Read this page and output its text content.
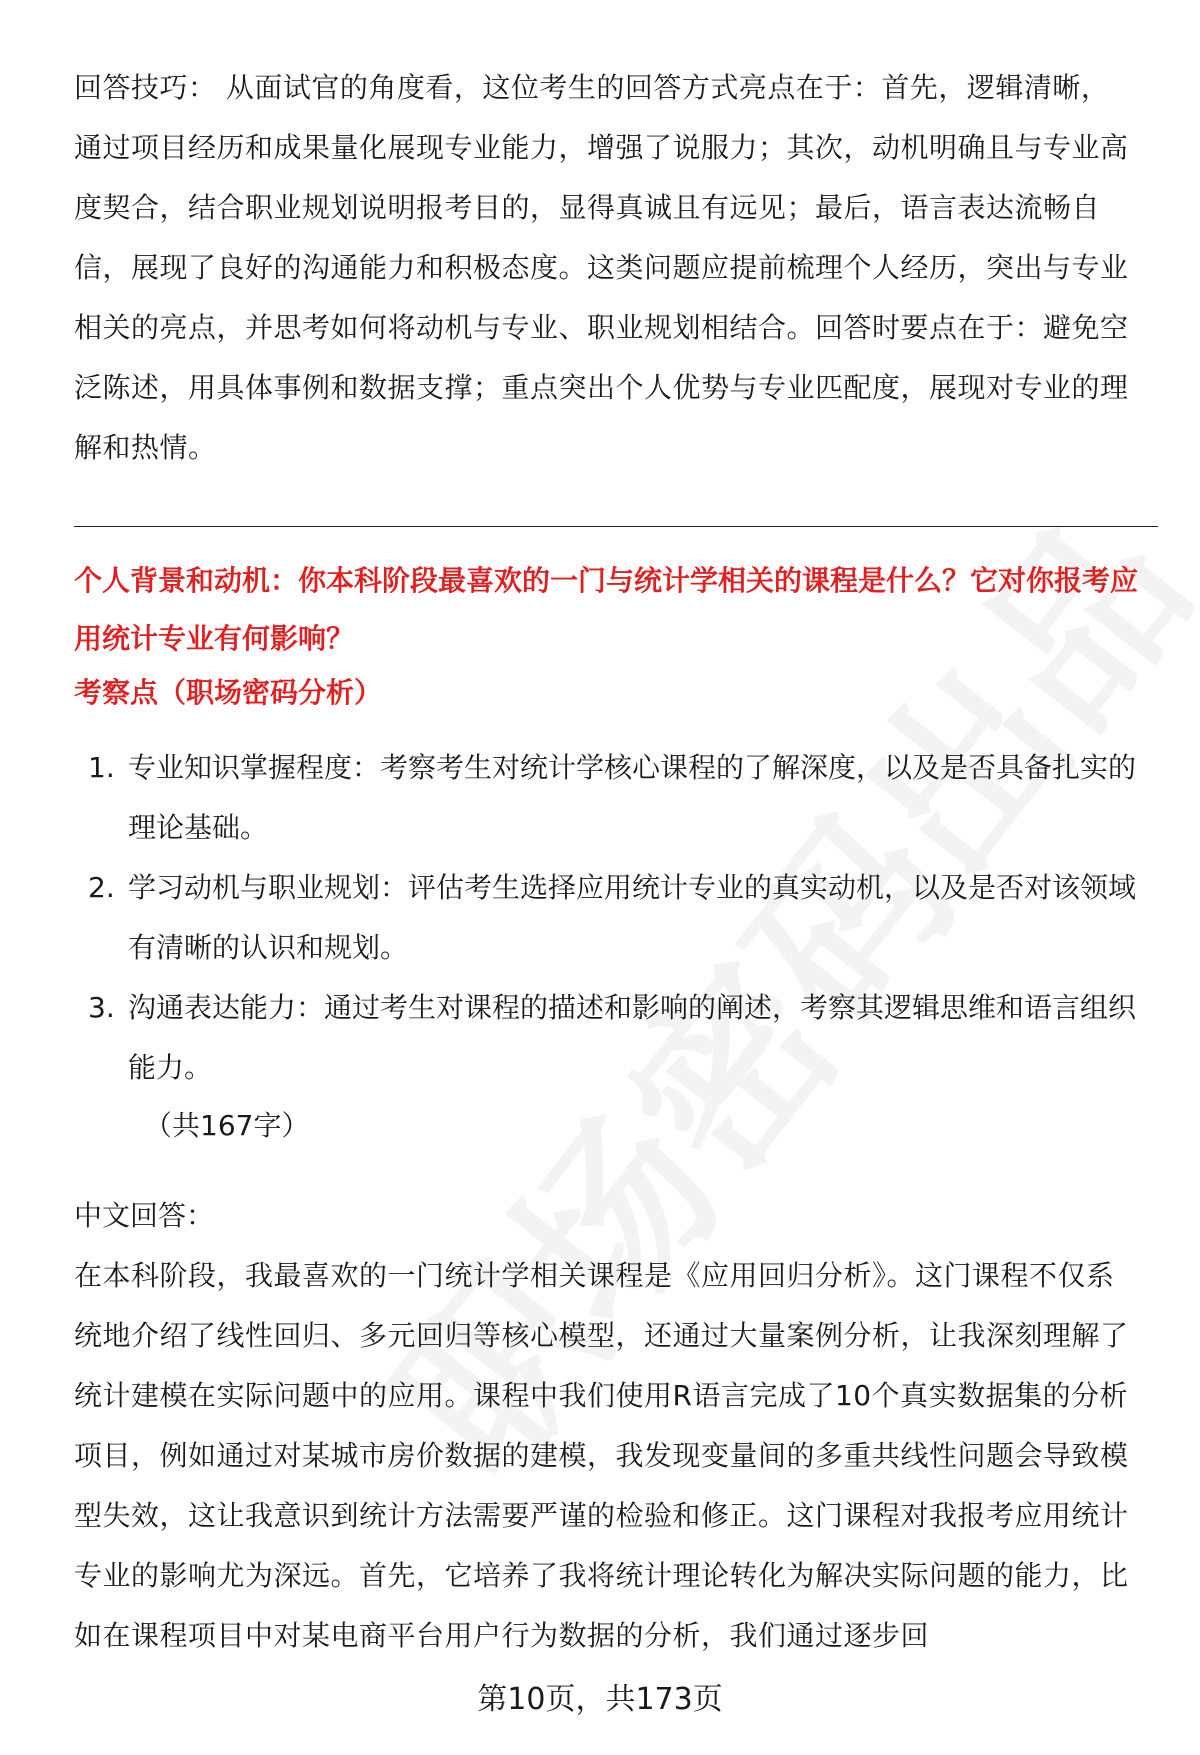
回答技巧： 从面试官的角度看，这位考生的回答方式亮点在于：首先，逻辑清晰，通过项目经历和成果量化展现专业能力，增强了说服力；其次，动机明确且与专业高度契合，结合职业规划说明报考目的，显得真诚且有远见；最后，语言表达流畅自信，展现了良好的沟通能力和积极态度。这类问题应提前梳理个人经历，突出与专业相关的亮点，并思考如何将动机与专业、职业规划相结合。回答时要点在于：避免空泛陈述，用具体事例和数据支撑；重点突出个人优势与专业匹配度，展现对专业的理解和热情。
个人背景和动机：你本科阶段最喜欢的一门与统计学相关的课程是什么？它对你报考应用统计专业有何影响？
考察点（职场密码分析）
1. 专业知识掌握程度：考察考生对统计学核心课程的了解深度，以及是否具备扎实的理论基础。
2. 学习动机与职业规划：评估考生选择应用统计专业的真实动机，以及是否对该领域有清晰的认识和规划。
3. 沟通表达能力：通过考生对课程的描述和影响的阐述，考察其逻辑思维和语言组织能力。
（共167字）
中文回答：
在本科阶段，我最喜欢的一门统计学相关课程是《应用回归分析》。这门课程不仅系统地介绍了线性回归、多元回归等核心模型，还通过大量案例分析，让我深刻理解了统计建模在实际问题中的应用。课程中我们使用R语言完成了10个真实数据集的分析项目，例如通过对某城市房价数据的建模，我发现变量间的多重共线性问题会导致模型失效，这让我意识到统计方法需要严谨的检验和修正。这门课程对我报考应用统计专业的影响尤为深远。首先，它培养了我将统计理论转化为解决实际问题的能力，比如在课程项目中对某电商平台用户行为数据的分析，我们通过逐步回
第10页，共173页
